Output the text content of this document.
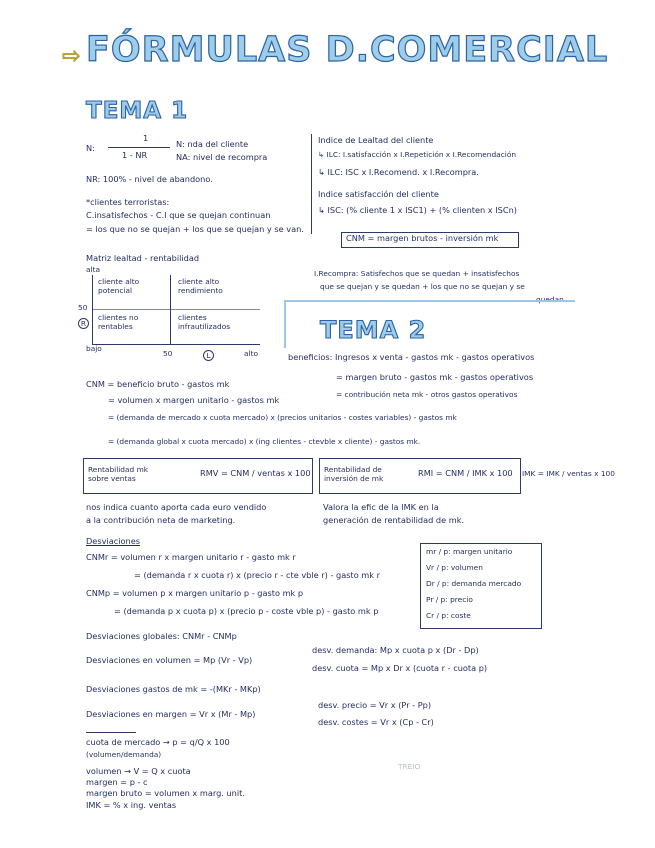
⇨ FÓRMULAS D.COMERCIAL
TEMA 1
N:
1
1 - NR
N: nda del cliente
NA: nivel de recompra
NR: 100% - nivel de abandono.
*clientes terroristas:
C.insatisfechos - C.I que se quejan continuan
= los que no se quejan + los que se quejan y se van.
Indice de Lealtad del cliente
↳ ILC: I.satisfacción x I.Repetición x I.Recomendación
↳ ILC: ISC x I.Recomend. x I.Recompra.
Indice satisfacción del cliente
↳ ISC: (% cliente 1 x ISC1) + (% clienten x ISCn)
CNM = margen brutos - inversión mk
Matriz lealtad - rentabilidad
alta
50
R
cliente alto potencial
cliente alto rendimiento
clientes no rentables
clientes infrautilizados
bajo
50	L	alto
I.Recompra: Satisfechos que se quedan + insatisfechos
que se quejan y se quedan + los que no se quejan y se
TEMA 2
beneficios: Ingresos x venta - gastos mk - gastos operativos
= margen bruto - gastos mk - gastos operativos
= contribución neta mk - otros gastos operativos
CNM = beneficio bruto - gastos mk
= volumen x margen unitario - gastos mk
= (demanda de mercado x cuota mercado) x (precios unitarios - costes variables) - gastos mk
= (demanda global x cuota mercado) x (ing clientes - ctevble x cliente) - gastos mk.
Rentabilidad mk sobre ventas
RMV = CNM / ventas x 100 Rentabilidad de inversión de mk
RMI = CNM / IMK x 100 IMK = IMK / ventas x 100
nos indica cuanto aporta cada euro vendido
a la contribución neta de marketing.
Valora la efic de la IMK en la
generación de rentabilidad de mk.
Desviaciones
CNMr = volumen r x margen unitario r - gasto mk r
= (demanda r x cuota r) x (precio r - cte vble r) - gasto mk r
CNMp = volumen p x margen unitario p - gasto mk p
= (demanda p x cuota p) x (precio p - coste vble p) - gasto mk p
mr / p: margen unitario
Vr / p: volumen
Dr / p: demanda mercado
Pr / p: precio
Cr / p: coste
Desviaciones globales: CNMr - CNMp
Desviaciones en volumen = Mp (Vr - Vp)
desv. demanda: Mp x cuota p x (Dr - Dp)
desv. cuota = Mp x Dr x (cuota r - cuota p)
Desviaciones gastos de mk = -(MKr - MKp)
Desviaciones en margen = Vr x (Mr - Mp)
desv. precio = Vr x (Pr - Pp)
desv. costes = Vr x (Cp - Cr)
cuota de mercado → p = q/Q x 100
(volumen/demanda)
volumen → V = Q x cuota
margen = p - c
margen bruto = volumen x marg. unit.
IMK = % x ing. ventas
TREIO
